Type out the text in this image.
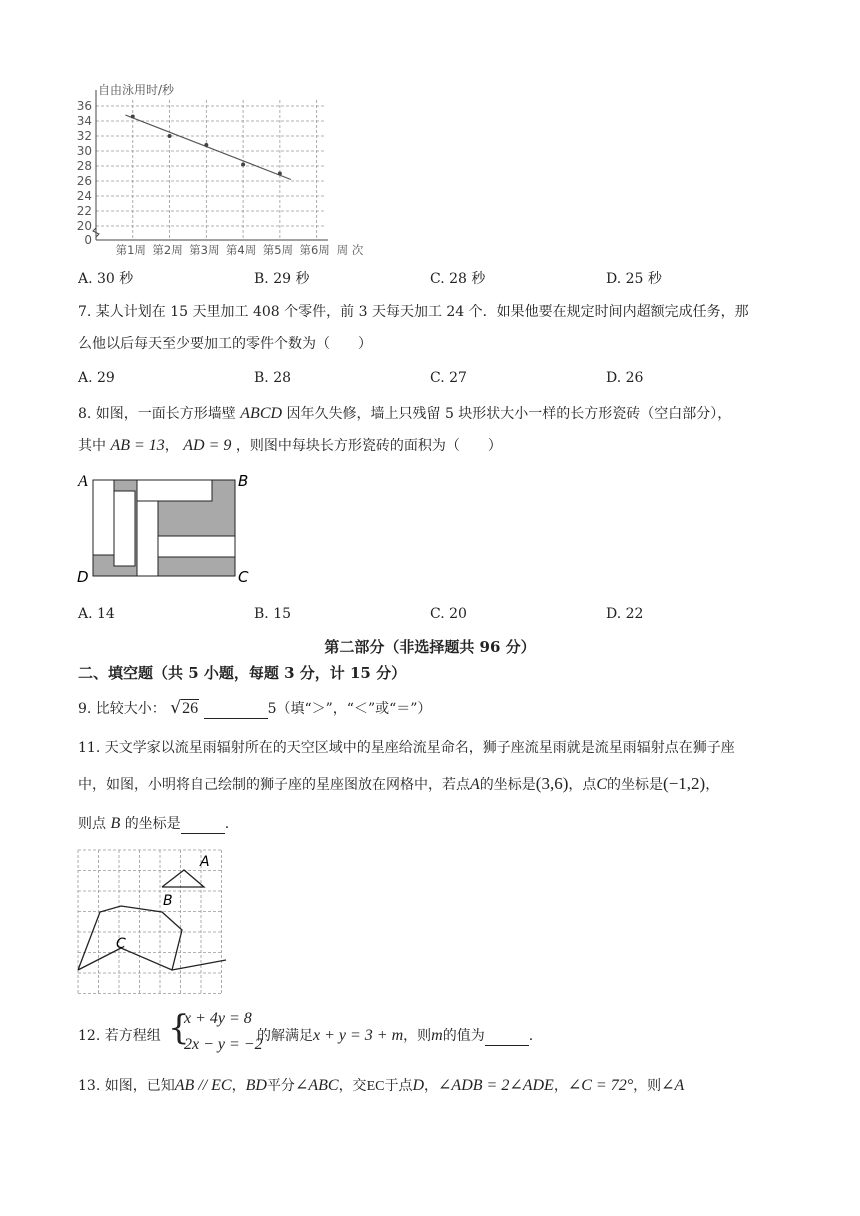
自由泳用时/秒
0
20
22
24
26
28
30
32
34
36
第1周 第2周 第3周 第4周 第5周 第6周 周 次
A. 30 秒	B. 29 秒	C. 28 秒	D. 25 秒
7. 某人计划在 15 天里加工 408 个零件，前 3 天每天加工 24 个．如果他要在规定时间内超额完成任务，那
么他以后每天至少要加工的零件个数为（　　）
A. 29	B. 28	C. 27	D. 26
8. 如图，一面长方形墙壁 ABCD 因年久失修，墙上只残留 5 块形状大小一样的长方形瓷砖（空白部分），
其中 AB = 13， AD = 9 ，则图中每块长方形瓷砖的面积为（　　）
A	B
C
D
A. 14	B. 15	C. 20	D. 22
第二部分（非选择题共 96 分）
二、填空题（共 5 小题，每题 3 分，计 15 分）
9. 比较大小： √26	5（填“＞”，“＜”或“＝”）
11. 天文学家以流星雨辐射所在的天空区域中的星座给流星命名，狮子座流星雨就是流星雨辐射点在狮子座
中，如图，小明将自己绘制的狮子座的星座图放在网格中，若点A的坐标是(3,6)，点C的坐标是(−1,2)，
则点 B 的坐标是	.
A
B
C
12. 若方程组 {
x + 4y = 8
2x − y = −2
的解满足x + y = 3 + m，则m的值为	.
13. 如图，已知AB // EC，BD平分∠ABC，交EC于点D，∠ADB = 2∠ADE，∠C = 72°，则∠A
